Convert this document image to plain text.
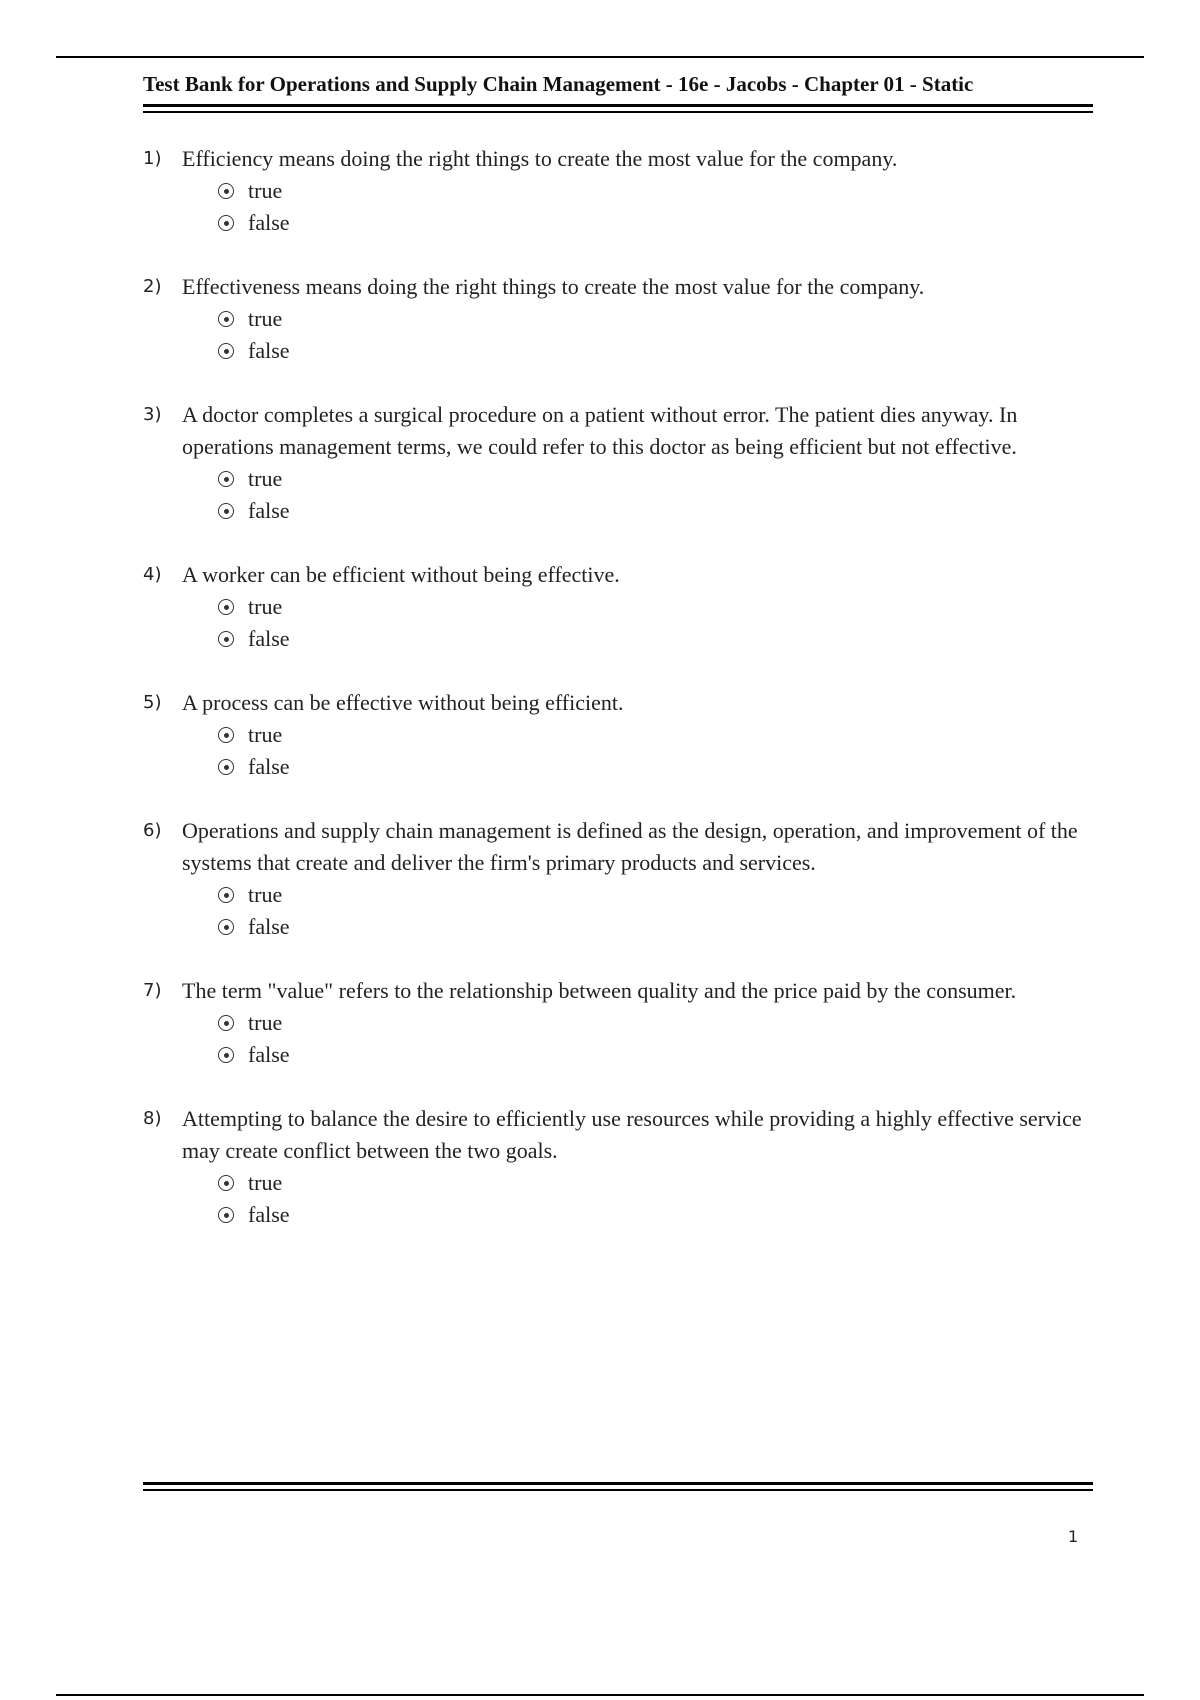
Test Bank for Operations and Supply Chain Management - 16e - Jacobs - Chapter 01 - Static
1) Efficiency means doing the right things to create the most value for the company.
true
false
2) Effectiveness means doing the right things to create the most value for the company.
true
false
3) A doctor completes a surgical procedure on a patient without error. The patient dies anyway. In operations management terms, we could refer to this doctor as being efficient but not effective.
true
false
4) A worker can be efficient without being effective.
true
false
5) A process can be effective without being efficient.
true
false
6) Operations and supply chain management is defined as the design, operation, and improvement of the systems that create and deliver the firm's primary products and services.
true
false
7) The term "value" refers to the relationship between quality and the price paid by the consumer.
true
false
8) Attempting to balance the desire to efficiently use resources while providing a highly effective service may create conflict between the two goals.
true
false
1
